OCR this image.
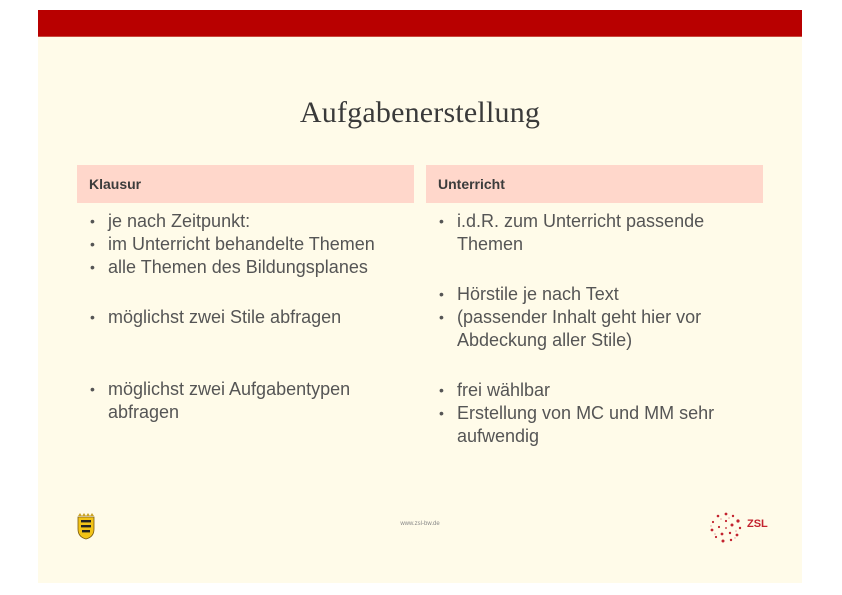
Aufgabenerstellung
Klausur	Unterricht
• je nach Zeitpunkt:
• im Unterricht behandelte Themen
• alle Themen des Bildungsplanes
• möglichst zwei Stile abfragen
• möglichst zwei Aufgabentypen abfragen
• i.d.R. zum Unterricht passende Themen
• Hörstile je nach Text
• (passender Inhalt geht hier vor Abdeckung aller Stile)
• frei wählbar
• Erstellung von MC und MM sehr aufwendig
www.zsl-bw.de	ZSL
